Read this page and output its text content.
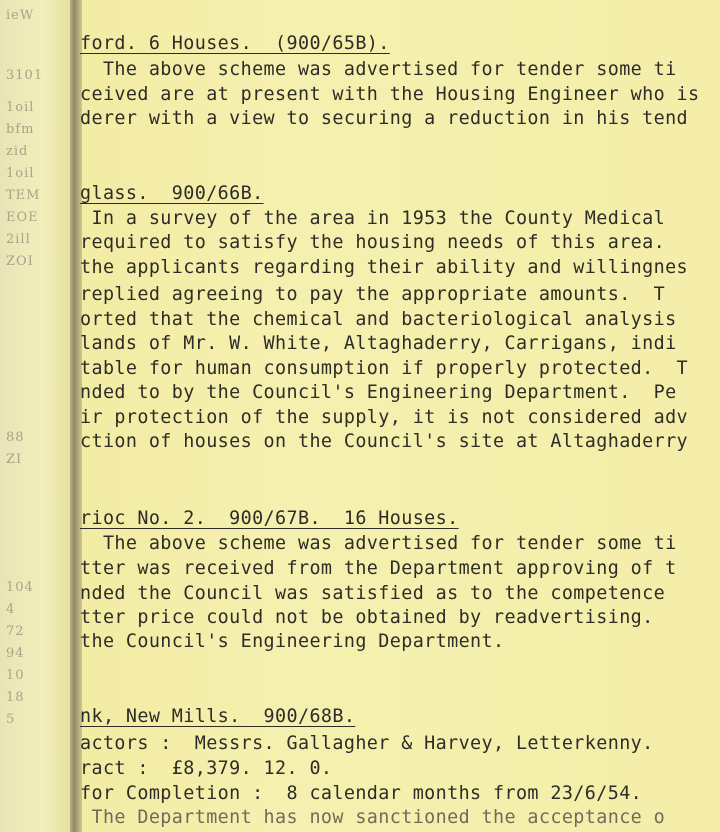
ieW
3101
1oil
bfm
zid
1oil
TEM
EOE
2ill
ZOI
88
ZI
104
4
72
94
10
18
5
ford. 6 Houses.  (900/65B).
The above scheme was advertised for tender some ti
ceived are at present with the Housing Engineer who is
derer with a view to securing a reduction in his tend
glass.  900/66B.
In a survey of the area in 1953 the County Medical
required to satisfy the housing needs of this area.
the applicants regarding their ability and willingnes
replied agreeing to pay the appropriate amounts.  T
orted that the chemical and bacteriological analysis
lands of Mr. W. White, Altaghaderry, Carrigans, indi
table for human consumption if properly protected.  T
nded to by the Council's Engineering Department.  Pe
ir protection of the supply, it is not considered adv
ction of houses on the Council's site at Altaghaderry
rioc No. 2.  900/67B.  16 Houses.
The above scheme was advertised for tender some ti
tter was received from the Department approving of t
nded the Council was satisfied as to the competence
tter price could not be obtained by readvertising.
the Council's Engineering Department.
nk, New Mills.  900/68B.
actors :  Messrs. Gallagher & Harvey, Letterkenny.
ract :  £8,379. 12. 0.
for Completion :  8 calendar months from 23/6/54.
The Department has now sanctioned the acceptance o
